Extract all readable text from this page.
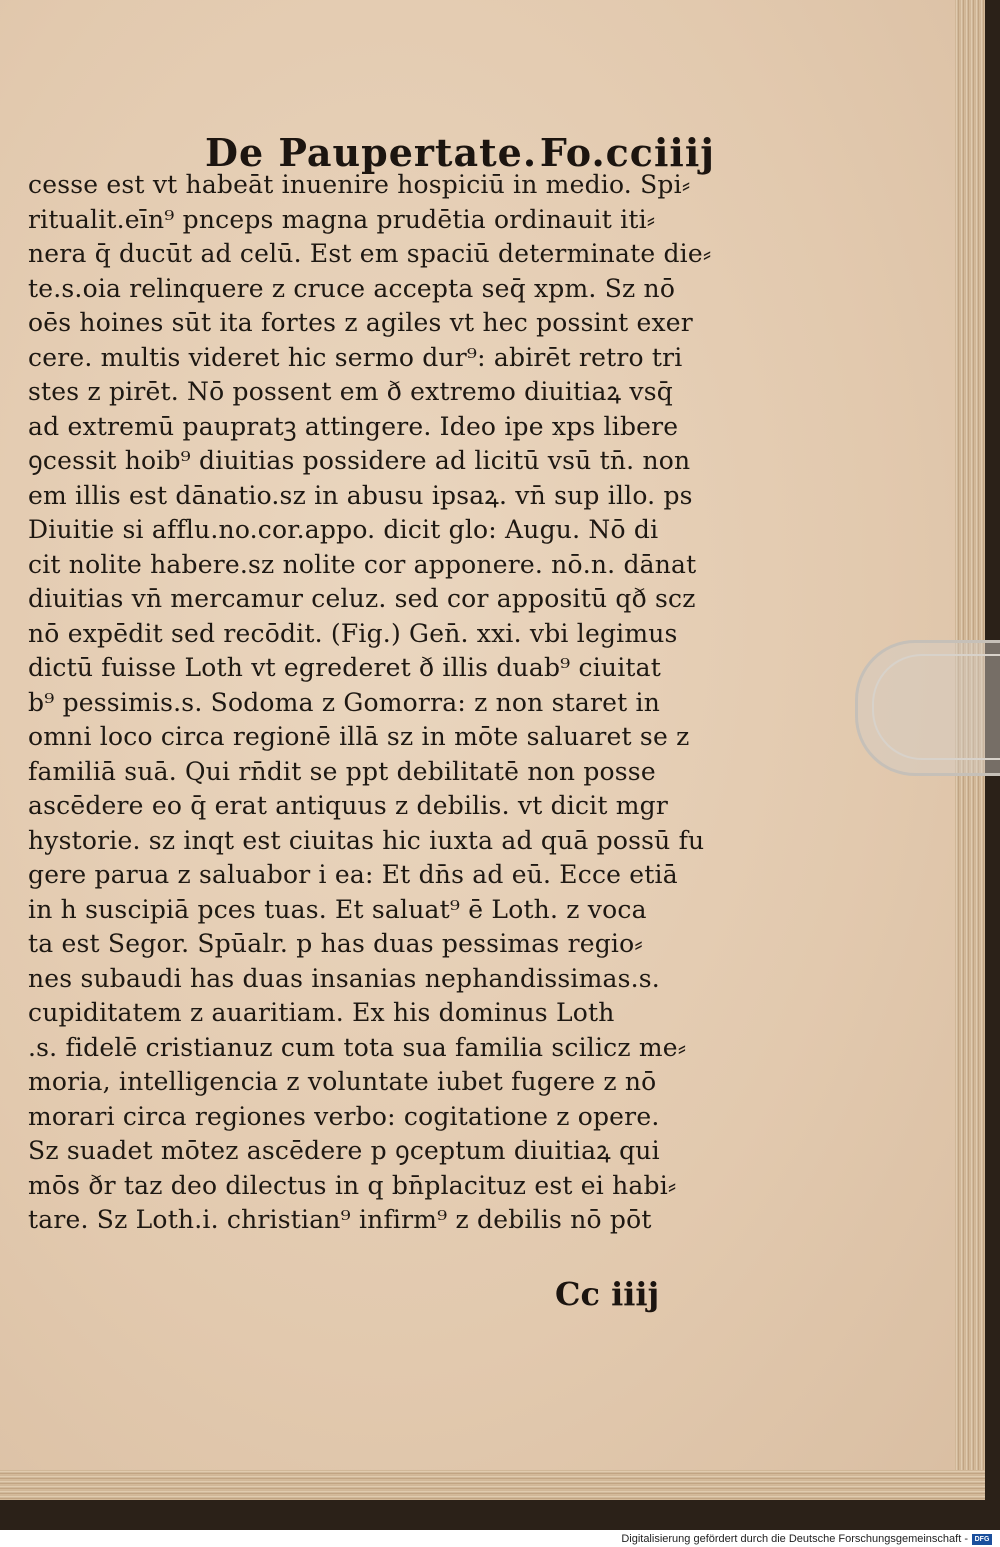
De Paupertate. Fo.cciiij
cesse est vt habeāt inuenire hospiciū in medio. Spi⸗
ritualit.eīn⁹ pnceps magna prudētia ordinauit iti⸗
nera q̄ ducūt ad celū. Est em spaciū determinate die⸗
te.s.oia relinquere z cruce accepta seq̄ xpm. Sz nō
oēs hoines sūt ita fortes z agiles vt hec possint exer
cere. multis videret hic sermo dur⁹: abirēt retro tri
stes z pirēt. Nō possent em ð extremo diuitiaꝝ vsq̄
ad extremū paupratꝫ attingere. Ideo ipe xps libere
ꝯcessit hoib⁹ diuitias possidere ad licitū vsū tn̄. non
em illis est dānatio.sz in abusu ipsaꝝ. vn̄ sup illo. ps
Diuitie si afflu.no.cor.appo. dicit glo: Augu. Nō di
cit nolite habere.sz nolite cor apponere. nō.n. dānat
diuitias vn̄ mercamur celuz. sed cor appositū qð scz
nō expēdit sed recōdit. (Fig.) Gen̄. xxi. vbi legimus
dictū fuisse Loth vt egrederet ð illis duab⁹ ciuitat
b⁹ pessimis.s. Sodoma z Gomorra: z non staret in
omni loco circa regionē illā sz in mōte saluaret se z
familiā suā. Qui rn̄dit se ppt debilitatē non posse
ascēdere eo q̄ erat antiquus z debilis. vt dicit mgr
hystorie. sz inqt est ciuitas hic iuxta ad quā possū fu
gere parua z saluabor i ea: Et dn̄s ad eū. Ecce etiā
in h suscipiā pces tuas. Et saluat⁹ ē Loth. z voca
ta est Segor. Spūalr. p has duas pessimas regio⸗
nes subaudi has duas insanias nephandissimas.s.
cupiditatem z auaritiam. Ex his dominus Loth
.s. fidelē cristianuz cum tota sua familia scilicz me⸗
moria, intelligencia z voluntate iubet fugere z nō
morari circa regiones verbo: cogitatione z opere.
Sz suadet mōtez ascēdere p ꝯceptum diuitiaꝝ qui
mōs ðr taz deo dilectus in q bn̄placituz est ei habi⸗
tare. Sz Loth.i. christian⁹ infirm⁹ z debilis nō pōt
Cc iiij
Digitalisierung gefördert durch die Deutsche Forschungsgemeinschaft - DFG
